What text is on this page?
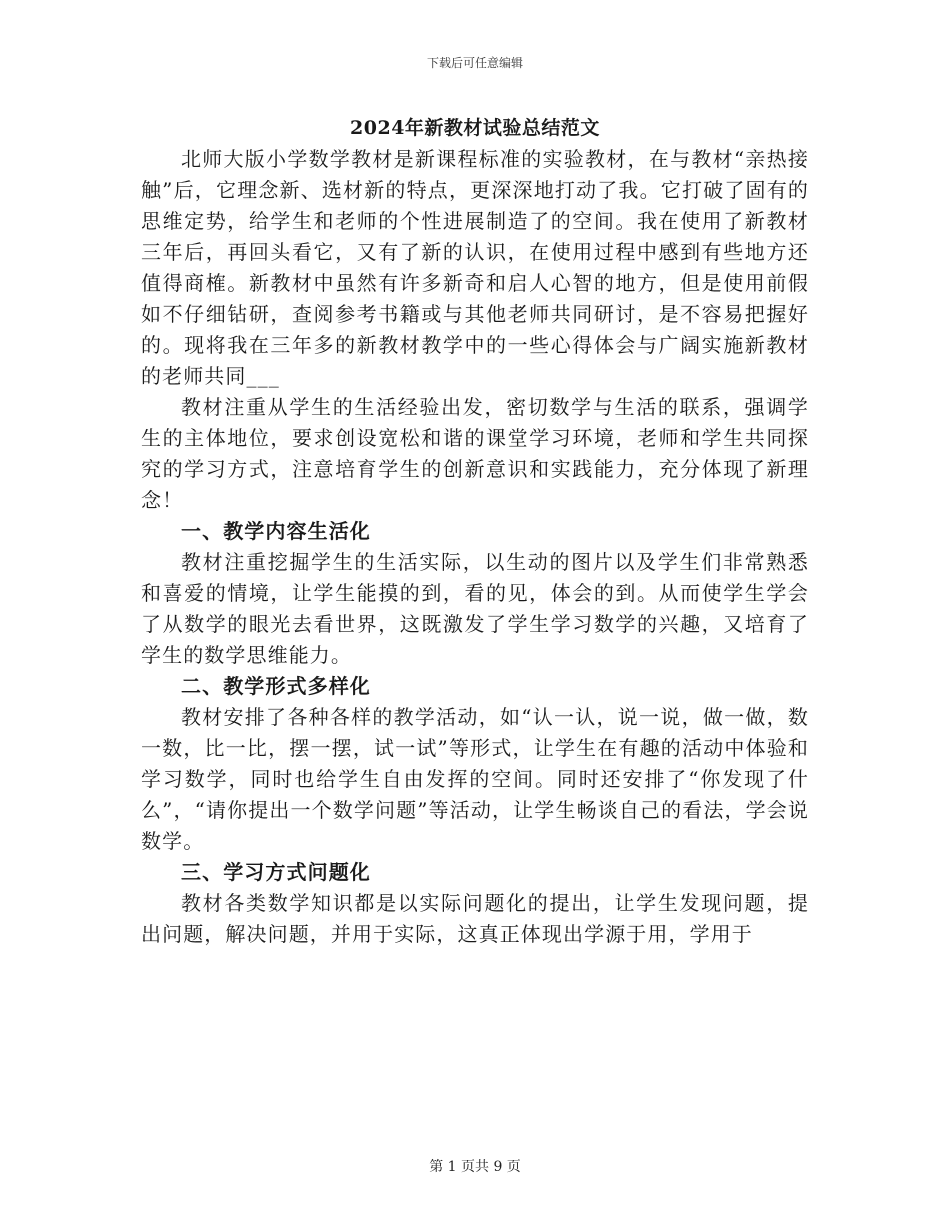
下载后可任意编辑
2024年新教材试验总结范文

北师大版小学数学教材是新课程标准的实验教材，在与教材“亲热接触”后，它理念新、选材新的特点，更深深地打动了我。它打破了固有的思维定势，给学生和老师的个性进展制造了的空间。我在使用了新教材三年后，再回头看它，又有了新的认识，在使用过程中感到有些地方还值得商榷。新教材中虽然有许多新奇和启人心智的地方，但是使用前假如不仔细钻研，查阅参考书籍或与其他老师共同研讨，是不容易把握好的。现将我在三年多的新教材教学中的一些心得体会与广阔实施新教材的老师共同___

教材注重从学生的生活经验出发，密切数学与生活的联系，强调学生的主体地位，要求创设宽松和谐的课堂学习环境，老师和学生共同探究的学习方式，注意培育学生的创新意识和实践能力，充分体现了新理念！

一、教学内容生活化

教材注重挖掘学生的生活实际，以生动的图片以及学生们非常熟悉和喜爱的情境，让学生能摸的到，看的见，体会的到。从而使学生学会了从数学的眼光去看世界，这既激发了学生学习数学的兴趣，又培育了学生的数学思维能力。

二、教学形式多样化

教材安排了各种各样的教学活动，如“认一认，说一说，做一做，数一数，比一比，摆一摆，试一试”等形式，让学生在有趣的活动中体验和学习数学，同时也给学生自由发挥的空间。同时还安排了“你发现了什么”，“请你提出一个数学问题”等活动，让学生畅谈自己的看法，学会说数学。

三、学习方式问题化

教材各类数学知识都是以实际问题化的提出，让学生发现问题，提出问题，解决问题，并用于实际，这真正体现出学源于用，学用于

第 1 页共 9 页
